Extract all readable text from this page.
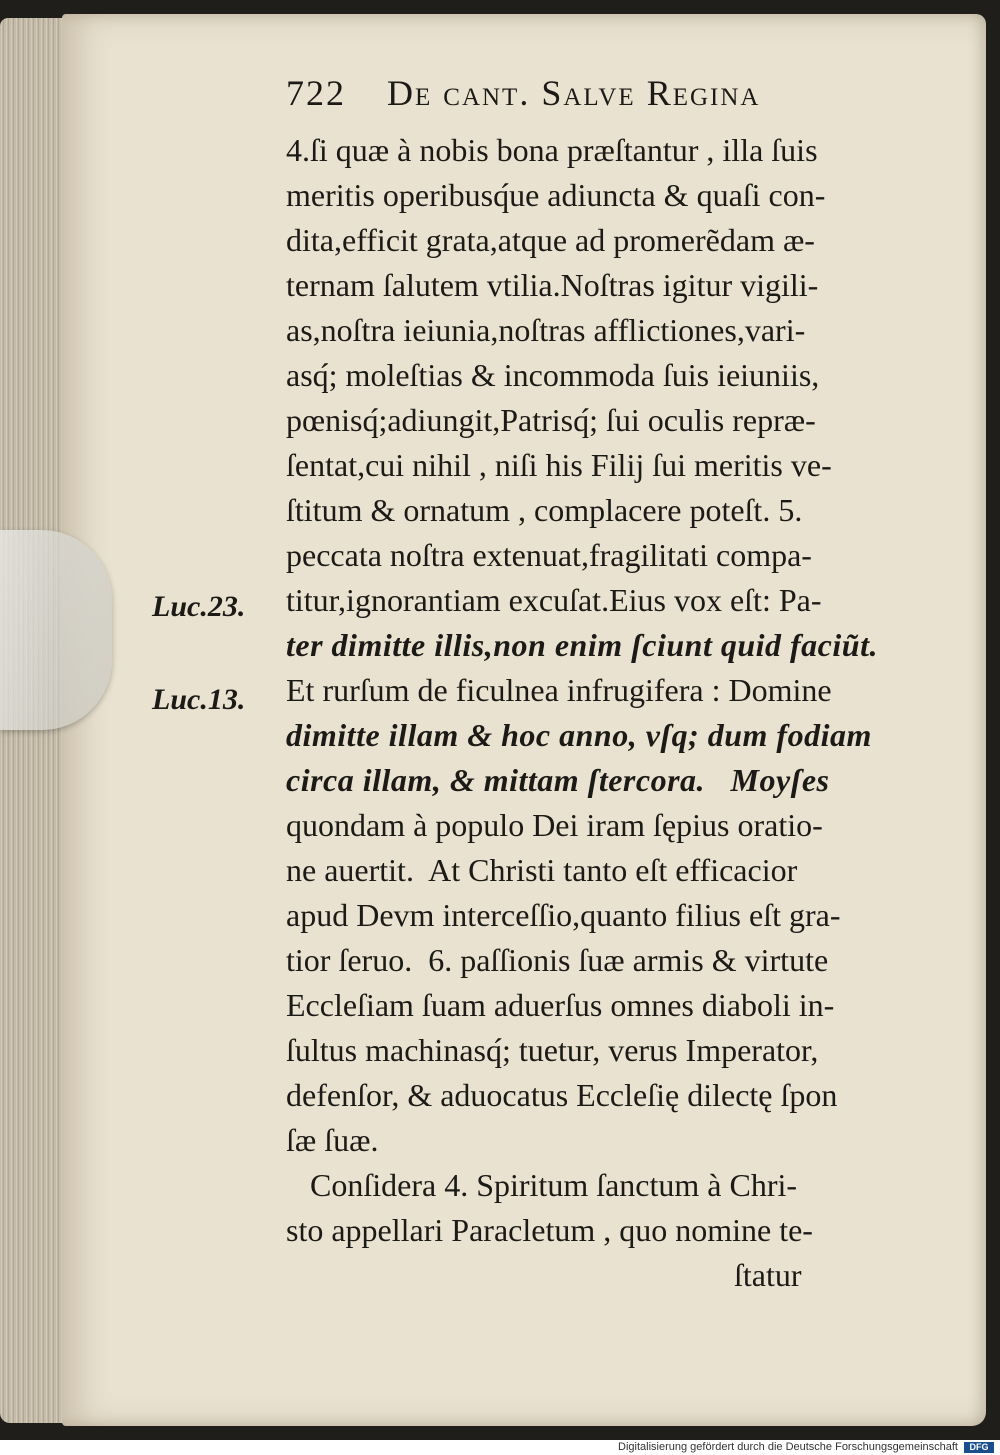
722 De cant. Salve Regina
4.ſi quæ à nobis bona præſtantur , illa ſuis
meritis operibusq́ue adiuncta & quaſi con-
dita,efficit grata,atque ad promerẽdam æ-
ternam ſalutem vtilia.Noſtras igitur vigili-
as,noſtra ieiunia,noſtras afflictiones,vari-
asq́; moleſtias & incommoda ſuis ieiuniis,
pœnisq́;adiungit,Patrisq́; ſui oculis repræ-
ſentat,cui nihil , niſi his Filij ſui meritis ve-
ſtitum & ornatum , complacere poteſt. 5.
peccata noſtra extenuat,fragilitati compa-
titur,ignorantiam excuſat.Eius vox eſt: Pa-
ter dimitte illis,non enim ſciunt quid faciũt.
Et rurſum de ficulnea infrugifera : Domine
dimitte illam & hoc anno, vſq; dum fodiam
circa illam, & mittam ſtercora.   Moyſes
quondam à populo Dei iram ſępius oratio-
ne auertit.  At Christi tanto eſt efficacior
apud Devm interceſſio,quanto filius eſt gra-
tior ſeruo.  6. paſſionis ſuæ armis & virtute
Eccleſiam ſuam aduerſus omnes diaboli in-
ſultus machinasq́; tuetur, verus Imperator,
defenſor, & aduocatus Eccleſię dilectę ſpon
ſæ ſuæ.
Conſidera 4. Spiritum ſanctum à Chri-
sto appellari Paracletum , quo nomine te-
ſtatur
Luc.23.
Luc.13.
Digitalisierung gefördert durch die Deutsche Forschungsgemeinschaft	DFG
